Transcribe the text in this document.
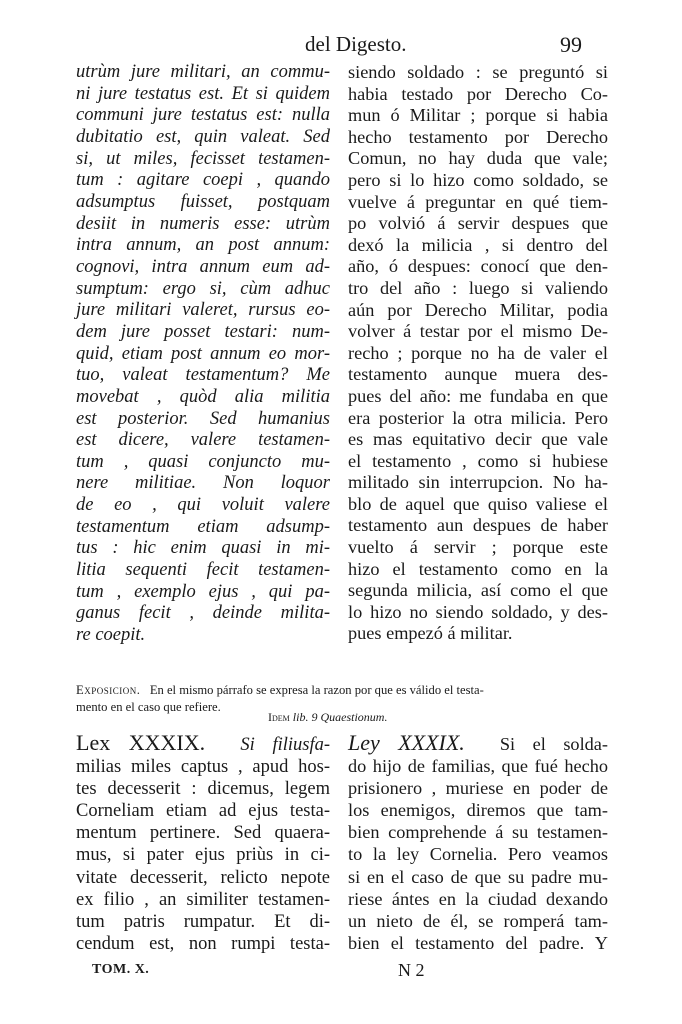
del Digesto.	99
utrùm jure militari, an commu-
ni jure testatus est. Et si quidem
communi jure testatus est: nulla
dubitatio est, quin valeat. Sed
si, ut miles, fecisset testamen-
tum : agitare coepi , quando
adsumptus fuisset, postquam
desiit in numeris esse: utrùm
intra annum, an post annum:
cognovi, intra annum eum ad-
sumptum: ergo si, cùm adhuc
jure militari valeret, rursus eo-
dem jure posset testari: num-
quid, etiam post annum eo mor-
tuo, valeat testamentum? Me
movebat , quòd alia militia
est posterior. Sed humanius
est dicere, valere testamen-
tum , quasi conjuncto mu-
nere militiae. Non loquor
de eo , qui voluit valere
testamentum etiam adsump-
tus : hic enim quasi in mi-
litia sequenti fecit testamen-
tum , exemplo ejus , qui pa-
ganus fecit , deinde milita-
re coepit.
siendo soldado : se preguntó si
habia testado por Derecho Co-
mun ó Militar ; porque si habia
hecho testamento por Derecho
Comun, no hay duda que vale;
pero si lo hizo como soldado, se
vuelve á preguntar en qué tiem-
po volvió á servir despues que
dexó la milicia , si dentro del
año, ó despues: conocí que den-
tro del año : luego si valiendo
aún por Derecho Militar, podia
volver á testar por el mismo De-
recho ; porque no ha de valer el
testamento aunque muera des-
pues del año: me fundaba en que
era posterior la otra milicia. Pero
es mas equitativo decir que vale
el testamento , como si hubiese
militado sin interrupcion. No ha-
blo de aquel que quiso valiese el
testamento aun despues de haber
vuelto á servir ; porque este
hizo el testamento como en la
segunda milicia, así como el que
lo hizo no siendo soldado, y des-
pues empezó á militar.
Exposicion. En el mismo párrafo se expresa la razon por que es válido el testa-
mento en el caso que refiere.
Idem lib. 9 Quaestionum.
Lex XXXIX. Si filiusfa-
milias miles captus , apud hos-
tes decesserit : dicemus, legem
Corneliam etiam ad ejus testa-
mentum pertinere. Sed quaera-
mus, si pater ejus priùs in ci-
vitate decesserit, relicto nepote
ex filio , an similiter testamen-
tum patris rumpatur. Et di-
cendum est, non rumpi testa-
Ley XXXIX. Si el solda-
do hijo de familias, que fué hecho
prisionero , muriese en poder de
los enemigos, diremos que tam-
bien comprehende á su testamen-
to la ley Cornelia. Pero veamos
si en el caso de que su padre mu-
riese ántes en la ciudad dexando
un nieto de él, se romperá tam-
bien el testamento del padre. Y
TOM. X.	N 2
